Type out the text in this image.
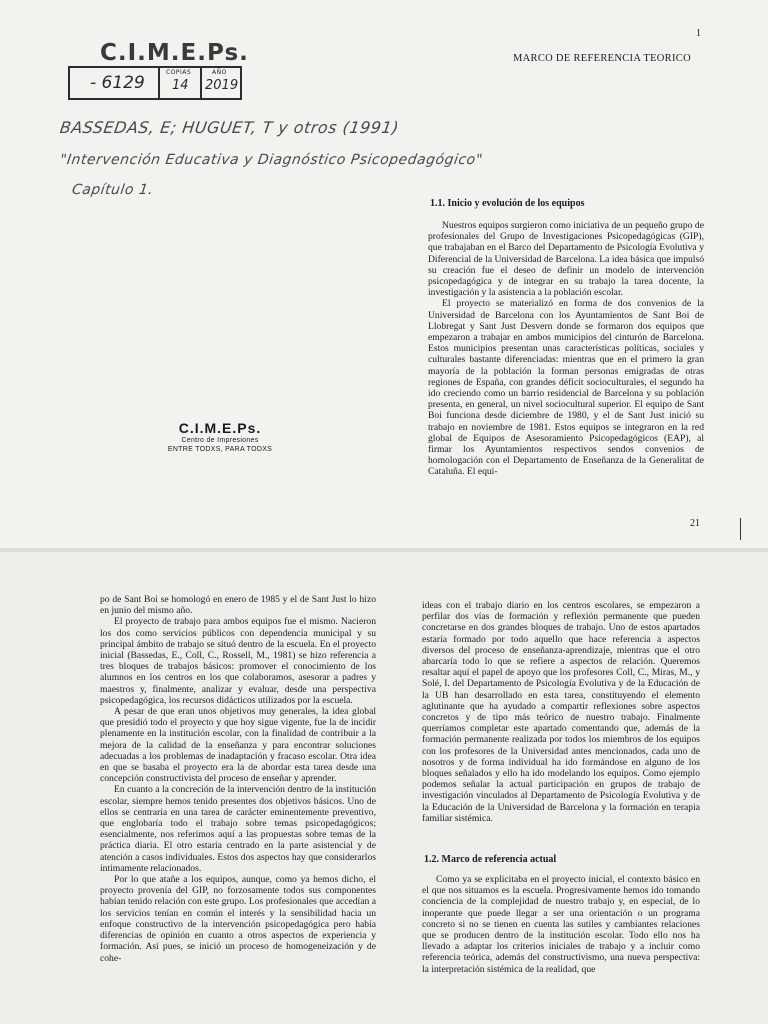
C.I.M.E.Ps.
- 6129
COPIAS
14
AÑO
2019
BASSEDAS, E; HUGUET, T y otros (1991)
"Intervención Educativa y Diagnóstico Psicopedagógico"
Capítulo 1.
C.I.M.E.Ps.
Centro de Impresiones
ENTRE TODXS, PARA TODXS
1
MARCO DE REFERENCIA TEORICO
1.1. Inicio y evolución de los equipos

Nuestros equipos surgieron como iniciativa de un pequeño grupo de profesionales del Grupo de Investigaciones Psicopedagógicas (GIP), que trabajaban en el Barco del Departamento de Psicología Evolutiva y Diferencial de la Universidad de Barcelona. La idea básica que impulsó su creación fue el deseo de definir un modelo de intervención psicopedagógica y de integrar en su trabajo la tarea docente, la investigación y la asistencia a la población escolar.

El proyecto se materializó en forma de dos convenios de la Universidad de Barcelona con los Ayuntamientos de Sant Boi de Llobregat y Sant Just Desvern donde se formaron dos equipos que empezaron a trabajar en ambos municipios del cinturón de Barcelona. Estos municipios presentan unas características políticas, sociales y culturales bastante diferenciadas: mientras que en el primero la gran mayoría de la población la forman personas emigradas de otras regiones de España, con grandes déficit socioculturales, el segundo ha ido creciendo como un barrio residencial de Barcelona y su población presenta, en general, un nivel sociocultural superior. El equipo de Sant Boi funciona desde diciembre de 1980, y el de Sant Just inició su trabajo en noviembre de 1981. Estos equipos se integraron en la red global de Equipos de Asesoramiento Psicopedagógicos (EAP), al firmar los Ayuntamientos respectivos sendos convenios de homologación con el Departamento de Enseñanza de la Generalitat de Cataluña. El equi-

21

po de Sant Boi se homologó en enero de 1985 y el de Sant Just lo hizo en junio del mismo año.

El proyecto de trabajo para ambos equipos fue el mismo. Nacieron los dos como servicios públicos con dependencia municipal y su principal ámbito de trabajo se situó dentro de la escuela. En el proyecto inicial (Bassedas, E., Coll, C., Rossell, M., 1981) se hizo referencia a tres bloques de trabajos básicos: promover el conocimiento de los alumnos en los centros en los que colaboramos, asesorar a padres y maestros y, finalmente, analizar y evaluar, desde una perspectiva psicopedagógica, los recursos didácticos utilizados por la escuela.

A pesar de que eran unos objetivos muy generales, la idea global que presidió todo el proyecto y que hoy sigue vigente, fue la de incidir plenamente en la institución escolar, con la finalidad de contribuir a la mejora de la calidad de la enseñanza y para encontrar soluciones adecuadas a los problemas de inadaptación y fracaso escolar. Otra idea en que se basaba el proyecto era la de abordar esta tarea desde una concepción constructivista del proceso de enseñar y aprender.

En cuanto a la concreción de la intervención dentro de la institución escolar, siempre hemos tenido presentes dos objetivos básicos. Uno de ellos se centraría en una tarea de carácter eminentemente preventivo, que englobaría todo el trabajo sobre temas psicopedagógicos; esencialmente, nos referimos aquí a las propuestas sobre temas de la práctica diaria. El otro estaría centrado en la parte asistencial y de atención a casos individuales. Estos dos aspectos hay que considerarlos íntimamente relacionados.

Por lo que atañe a los equipos, aunque, como ya hemos dicho, el proyecto provenía del GIP, no forzosamente todos sus componentes habían tenido relación con este grupo. Los profesionales que accedían a los servicios tenían en común el interés y la sensibilidad hacia un enfoque constructivo de la intervención psicopedagógica pero había diferencias de opinión en cuanto a otros aspectos de experiencia y formación. Así pues, se inició un proceso de homogeneización y de cohe-

ideas con el trabajo diario en los centros escolares, se empezaron a perfilar dos vías de formación y reflexión permanente que pueden concretarse en dos grandes bloques de trabajo. Uno de estos apartados estaría formado por todo aquello que hace referencia a aspectos diversos del proceso de enseñanza-aprendizaje, mientras que el otro abarcaría todo lo que se refiere a aspectos de relación. Queremos resaltar aquí el papel de apoyo que los profesores Coll, C., Miras, M., y Solé, I. del Departamento de Psicología Evolutiva y de la Educación de la UB han desarrollado en esta tarea, constituyendo el elemento aglutinante que ha ayudado a compartir reflexiones sobre aspectos concretos y de tipo más teórico de nuestro trabajo. Finalmente querríamos completar este apartado comentando que, además de la formación permanente realizada por todos los miembros de los equipos con los profesores de la Universidad antes mencionados, cada uno de nosotros y de forma individual ha ido formándose en alguno de los bloques señalados y ello ha ido modelando los equipos. Como ejemplo podemos señalar la actual participación en grupos de trabajo de investigación vinculados al Departamento de Psicología Evolutiva y de la Educación de la Universidad de Barcelona y la formación en terapia familiar sistémica.

1.2. Marco de referencia actual

Como ya se explicitaba en el proyecto inicial, el contexto básico en el que nos situamos es la escuela. Progresivamente hemos ido tomando conciencia de la complejidad de nuestro trabajo y, en especial, de lo inoperante que puede llegar a ser una orientación o un programa concreto si no se tienen en cuenta las sutiles y cambiantes relaciones que se producen dentro de la institución escolar. Todo ello nos ha llevado a adaptar los criterios iniciales de trabajo y a incluir como referencia teórica, además del constructivismo, una nueva perspectiva: la interpretación sistémica de la realidad, que
